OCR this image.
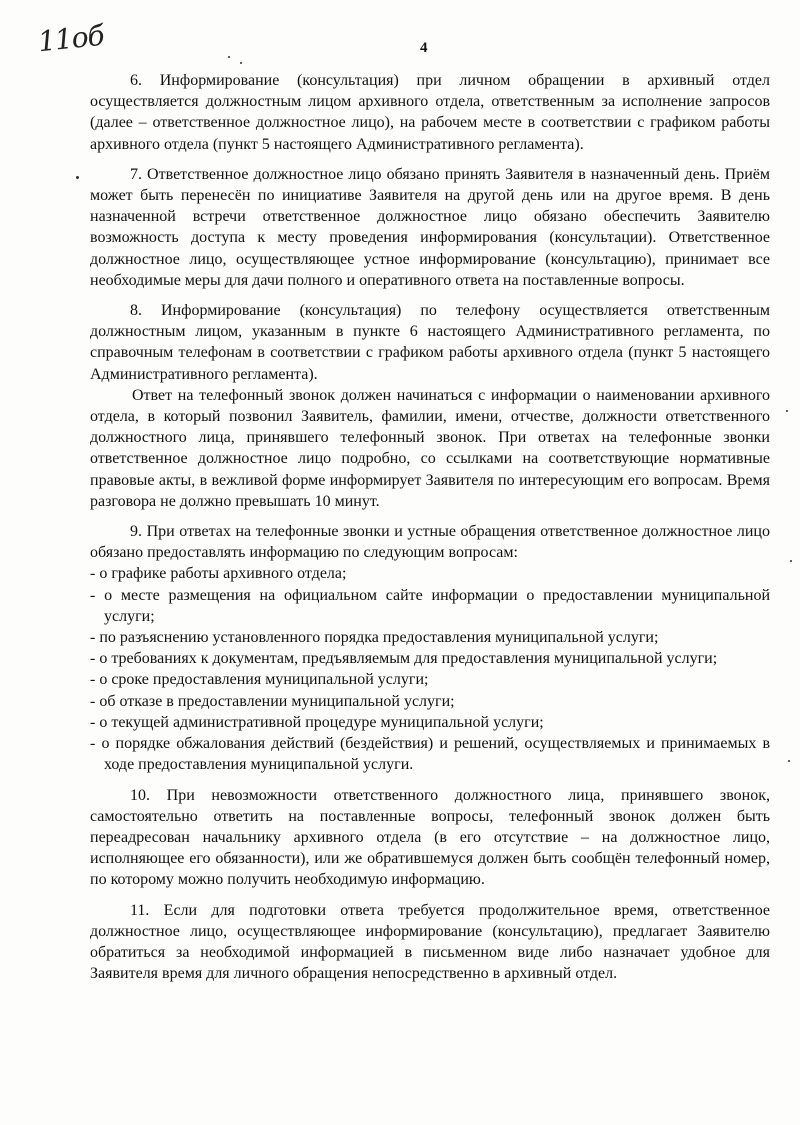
11об	4

6. Информирование (консультация) при личном обращении в архивный отдел осуществляется должностным лицом архивного отдела, ответственным за исполнение запросов (далее – ответственное должностное лицо), на рабочем месте в соответствии с графиком работы архивного отдела (пункт 5 настоящего Административного регламента).

7. Ответственное должностное лицо обязано принять Заявителя в назначенный день. Приём может быть перенесён по инициативе Заявителя на другой день или на другое время. В день назначенной встречи ответственное должностное лицо обязано обеспечить Заявителю возможность доступа к месту проведения информирования (консультации). Ответственное должностное лицо, осуществляющее устное информирование (консультацию), принимает все необходимые меры для дачи полного и оперативного ответа на поставленные вопросы.

8. Информирование (консультация) по телефону осуществляется ответственным должностным лицом, указанным в пункте 6 настоящего Административного регламента, по справочным телефонам в соответствии с графиком работы архивного отдела (пункт 5 настоящего Административного регламента).

Ответ на телефонный звонок должен начинаться с информации о наименовании архивного отдела, в который позвонил Заявитель, фамилии, имени, отчестве, должности ответственного должностного лица, принявшего телефонный звонок. При ответах на телефонные звонки ответственное должностное лицо подробно, со ссылками на соответствующие нормативные правовые акты, в вежливой форме информирует Заявителя по интересующим его вопросам. Время разговора не должно превышать 10 минут.

9. При ответах на телефонные звонки и устные обращения ответственное должностное лицо обязано предоставлять информацию по следующим вопросам:

- о графике работы архивного отдела;
- о месте размещения на официальном сайте информации о предоставлении муниципальной услуги;
- по разъяснению установленного порядка предоставления муниципальной услуги;
- о требованиях к документам, предъявляемым для предоставления муниципальной услуги;
- о сроке предоставления муниципальной услуги;
- об отказе в предоставлении муниципальной услуги;
- о текущей административной процедуре муниципальной услуги;
- о порядке обжалования действий (бездействия) и решений, осуществляемых и принимаемых в ходе предоставления муниципальной услуги.

10. При невозможности ответственного должностного лица, принявшего звонок, самостоятельно ответить на поставленные вопросы, телефонный звонок должен быть переадресован начальнику архивного отдела (в его отсутствие – на должностное лицо, исполняющее его обязанности), или же обратившемуся должен быть сообщён телефонный номер, по которому можно получить необходимую информацию.

11. Если для подготовки ответа требуется продолжительное время, ответственное должностное лицо, осуществляющее информирование (консультацию), предлагает Заявителю обратиться за необходимой информацией в письменном виде либо назначает удобное для Заявителя время для личного обращения непосредственно в архивный отдел.
